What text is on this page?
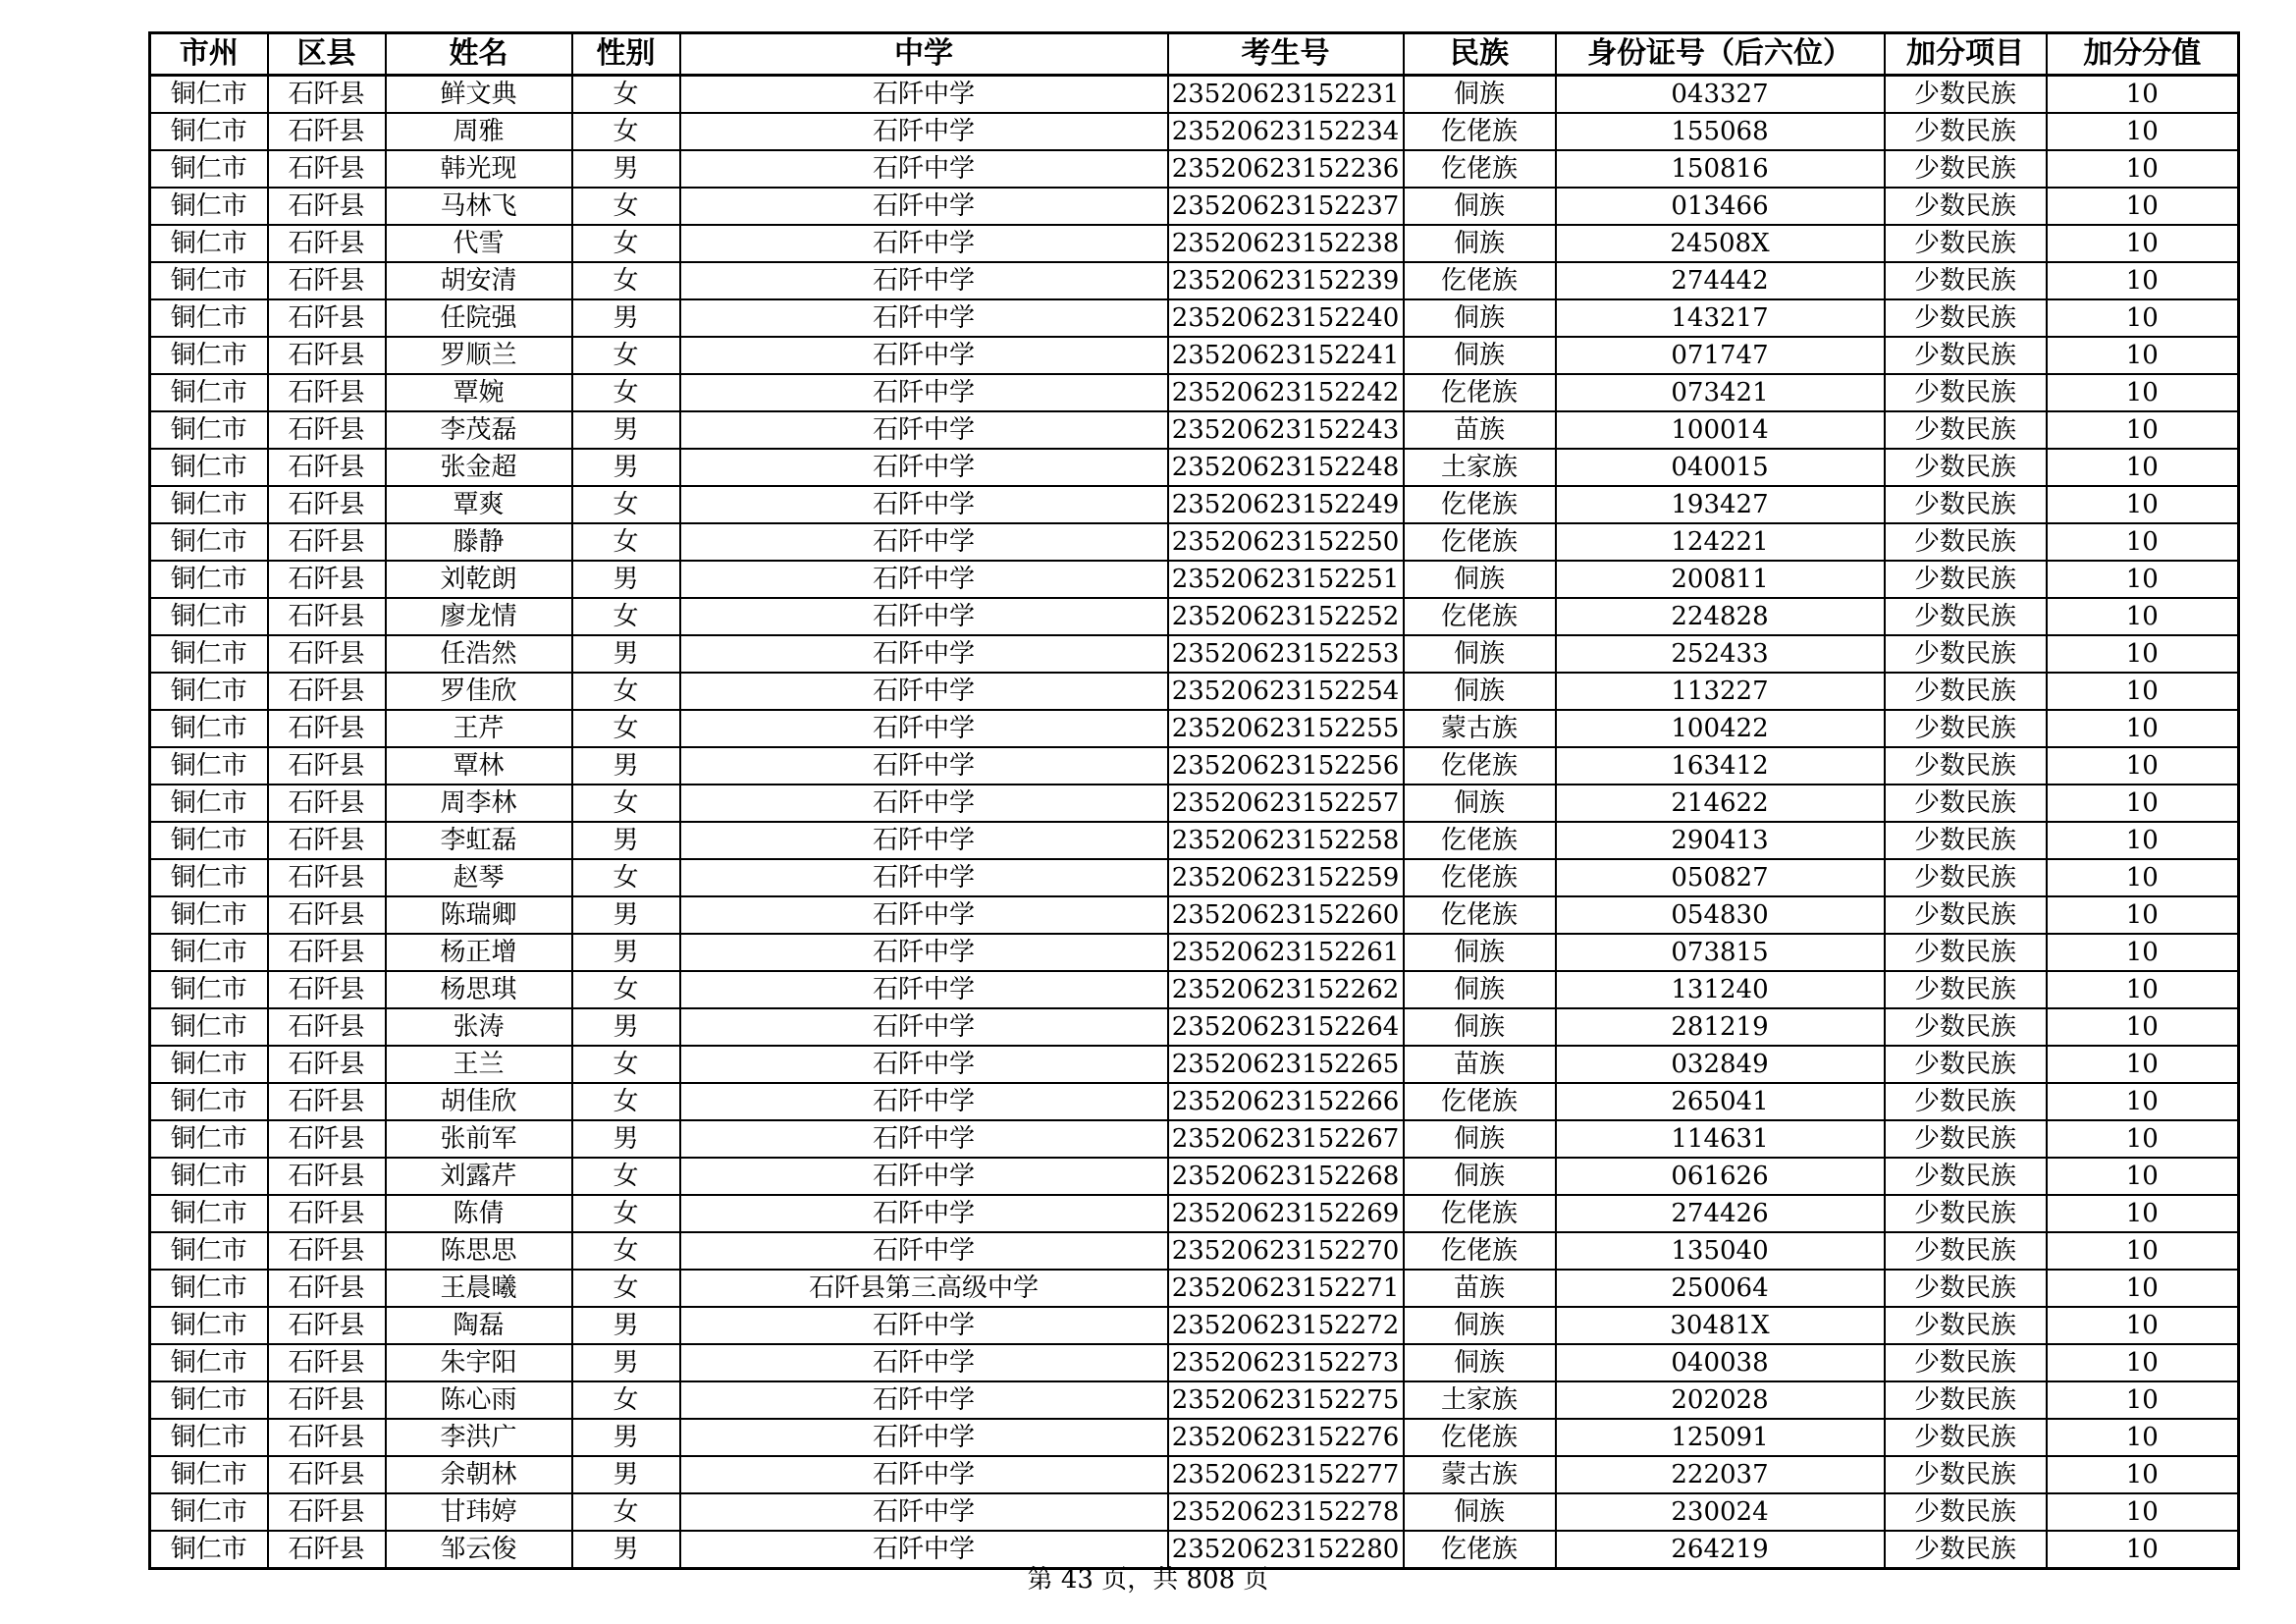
市州	区县	姓名	性别	中学	考生号	民族	身份证号（后六位）	加分项目	加分分值
铜仁市	石阡县	鲜文典	女	石阡中学	23520623152231	侗族	043327	少数民族	10
铜仁市	石阡县	周雅	女	石阡中学	23520623152234	仡佬族	155068	少数民族	10
铜仁市	石阡县	韩光现	男	石阡中学	23520623152236	仡佬族	150816	少数民族	10
铜仁市	石阡县	马林飞	女	石阡中学	23520623152237	侗族	013466	少数民族	10
铜仁市	石阡县	代雪	女	石阡中学	23520623152238	侗族	24508X	少数民族	10
铜仁市	石阡县	胡安清	女	石阡中学	23520623152239	仡佬族	274442	少数民族	10
铜仁市	石阡县	任院强	男	石阡中学	23520623152240	侗族	143217	少数民族	10
铜仁市	石阡县	罗顺兰	女	石阡中学	23520623152241	侗族	071747	少数民族	10
铜仁市	石阡县	覃婉	女	石阡中学	23520623152242	仡佬族	073421	少数民族	10
铜仁市	石阡县	李茂磊	男	石阡中学	23520623152243	苗族	100014	少数民族	10
铜仁市	石阡县	张金超	男	石阡中学	23520623152248	土家族	040015	少数民族	10
铜仁市	石阡县	覃爽	女	石阡中学	23520623152249	仡佬族	193427	少数民族	10
铜仁市	石阡县	滕静	女	石阡中学	23520623152250	仡佬族	124221	少数民族	10
铜仁市	石阡县	刘乾朗	男	石阡中学	23520623152251	侗族	200811	少数民族	10
铜仁市	石阡县	廖龙情	女	石阡中学	23520623152252	仡佬族	224828	少数民族	10
铜仁市	石阡县	任浩然	男	石阡中学	23520623152253	侗族	252433	少数民族	10
铜仁市	石阡县	罗佳欣	女	石阡中学	23520623152254	侗族	113227	少数民族	10
铜仁市	石阡县	王芹	女	石阡中学	23520623152255	蒙古族	100422	少数民族	10
铜仁市	石阡县	覃林	男	石阡中学	23520623152256	仡佬族	163412	少数民族	10
铜仁市	石阡县	周李林	女	石阡中学	23520623152257	侗族	214622	少数民族	10
铜仁市	石阡县	李虹磊	男	石阡中学	23520623152258	仡佬族	290413	少数民族	10
铜仁市	石阡县	赵琴	女	石阡中学	23520623152259	仡佬族	050827	少数民族	10
铜仁市	石阡县	陈瑞卿	男	石阡中学	23520623152260	仡佬族	054830	少数民族	10
铜仁市	石阡县	杨正增	男	石阡中学	23520623152261	侗族	073815	少数民族	10
铜仁市	石阡县	杨思琪	女	石阡中学	23520623152262	侗族	131240	少数民族	10
铜仁市	石阡县	张涛	男	石阡中学	23520623152264	侗族	281219	少数民族	10
铜仁市	石阡县	王兰	女	石阡中学	23520623152265	苗族	032849	少数民族	10
铜仁市	石阡县	胡佳欣	女	石阡中学	23520623152266	仡佬族	265041	少数民族	10
铜仁市	石阡县	张前军	男	石阡中学	23520623152267	侗族	114631	少数民族	10
铜仁市	石阡县	刘露芹	女	石阡中学	23520623152268	侗族	061626	少数民族	10
铜仁市	石阡县	陈倩	女	石阡中学	23520623152269	仡佬族	274426	少数民族	10
铜仁市	石阡县	陈思思	女	石阡中学	23520623152270	仡佬族	135040	少数民族	10
铜仁市	石阡县	王晨曦	女	石阡县第三高级中学	23520623152271	苗族	250064	少数民族	10
铜仁市	石阡县	陶磊	男	石阡中学	23520623152272	侗族	30481X	少数民族	10
铜仁市	石阡县	朱宇阳	男	石阡中学	23520623152273	侗族	040038	少数民族	10
铜仁市	石阡县	陈心雨	女	石阡中学	23520623152275	土家族	202028	少数民族	10
铜仁市	石阡县	李洪广	男	石阡中学	23520623152276	仡佬族	125091	少数民族	10
铜仁市	石阡县	余朝林	男	石阡中学	23520623152277	蒙古族	222037	少数民族	10
铜仁市	石阡县	甘玮婷	女	石阡中学	23520623152278	侗族	230024	少数民族	10
铜仁市	石阡县	邹云俊	男	石阡中学	23520623152280	仡佬族	264219	少数民族	10
第 43 页，共 808 页
